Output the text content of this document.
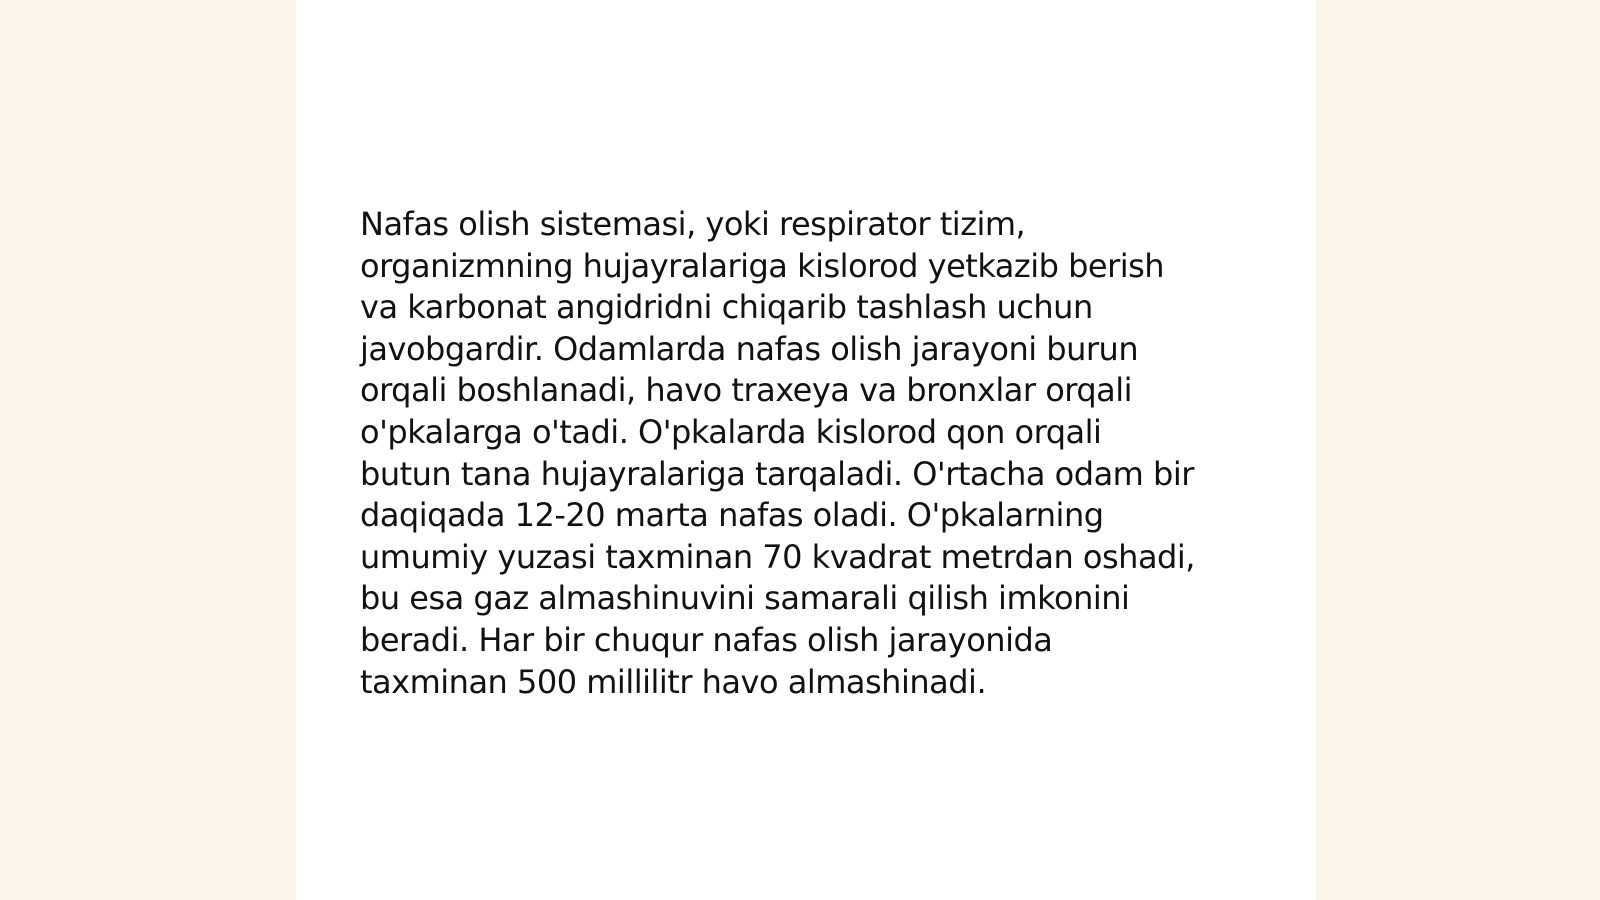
Nafas olish sistemasi, yoki respirator tizim,
organizmning hujayralariga kislorod yetkazib berish
va karbonat angidridni chiqarib tashlash uchun
javobgardir. Odamlarda nafas olish jarayoni burun
orqali boshlanadi, havo traxeya va bronxlar orqali
o'pkalarga o'tadi. O'pkalarda kislorod qon orqali
butun tana hujayralariga tarqaladi. O'rtacha odam bir
daqiqada 12-20 marta nafas oladi. O'pkalarning
umumiy yuzasi taxminan 70 kvadrat metrdan oshadi,
bu esa gaz almashinuvini samarali qilish imkonini
beradi. Har bir chuqur nafas olish jarayonida
taxminan 500 millilitr havo almashinadi.
